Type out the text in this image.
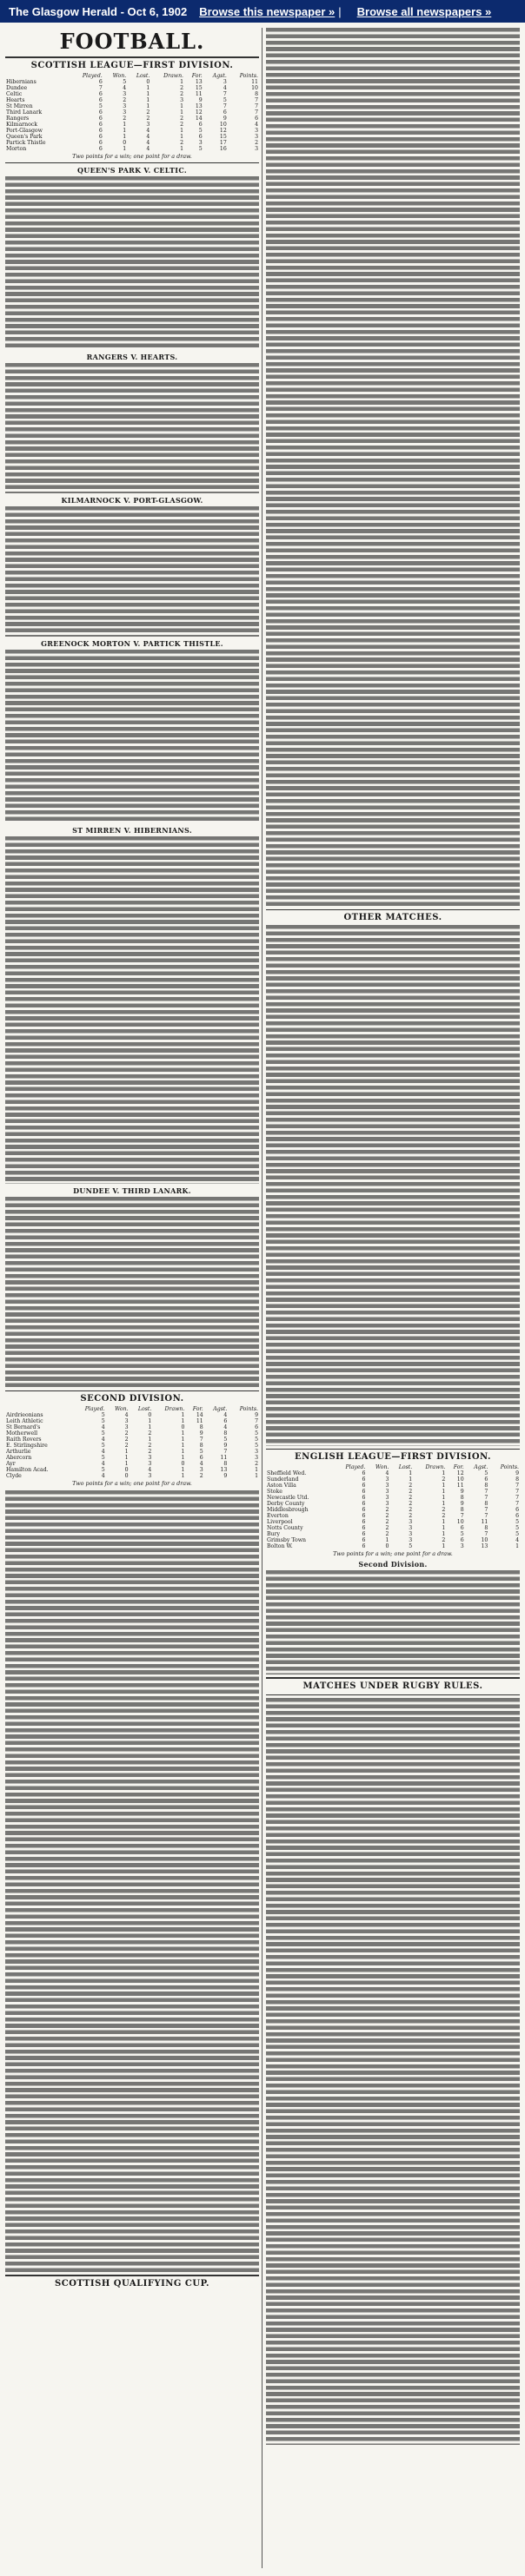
The Glasgow Herald - Oct 6, 1902 Browse this newspaper » | Browse all newspapers »
FOOTBALL.
SCOTTISH LEAGUE—FIRST DIVISION.
	Played.	Won.	Lost.	Drawn.	For.	Agst.	Points.
Hibernians	6	5	0	1	13	3	11
Dundee	7	4	1	2	15	4	10
Celtic	6	3	1	2	11	7	8
Hearts	6	2	1	3	9	5	7
St Mirren	5	3	1	1	13	7	7
Third Lanark	6	3	2	1	12	6	7
Rangers	6	2	2	2	14	9	6
Kilmarnock	6	1	3	2	6	10	4
Port-Glasgow	6	1	4	1	5	12	3
Queen's Park	6	1	4	1	6	15	3
Partick Thistle	6	0	4	2	3	17	2
Morton	6	1	4	1	5	16	3
Two points for a win; one point for a draw.
QUEEN'S PARK V. CELTIC.
RANGERS V. HEARTS.
KILMARNOCK V. PORT-GLASGOW.
GREENOCK MORTON V. PARTICK THISTLE.
ST MIRREN V. HIBERNIANS.
DUNDEE V. THIRD LANARK.
SECOND DIVISION.
	Played.	Won.	Lost.	Drawn.	For.	Agst.	Points.
Airdrieonians	5	4	0	1	14	4	9
Leith Athletic	5	3	1	1	11	6	7
St Bernard's	4	3	1	0	8	4	6
Motherwell	5	2	2	1	9	8	5
Raith Rovers	4	2	1	1	7	5	5
E. Stirlingshire	5	2	2	1	8	9	5
Arthurlie	4	1	2	1	5	7	3
Abercorn	5	1	3	1	6	11	3
Ayr	4	1	3	0	4	8	2
Hamilton Acad.	5	0	4	1	3	13	1
Clyde	4	0	3	1	2	9	1
Two points for a win; one point for a draw.
SCOTTISH QUALIFYING CUP.
OTHER MATCHES.
ENGLISH LEAGUE—FIRST DIVISION.
	Played.	Won.	Lost.	Drawn.	For.	Agst.	Points.
Sheffield Wed.	6	4	1	1	12	5	9
Sunderland	6	3	1	2	10	6	8
Aston Villa	6	3	2	1	11	8	7
Stoke	6	3	2	1	9	7	7
Newcastle Utd.	6	3	2	1	8	7	7
Derby County	6	3	2	1	9	8	7
Middlesbrough	6	2	2	2	8	7	6
Everton	6	2	2	2	7	7	6
Liverpool	6	2	3	1	10	11	5
Notts County	6	2	3	1	6	8	5
Bury	6	2	3	1	5	7	5
Grimsby Town	6	1	3	2	6	10	4
Bolton W.	6	0	5	1	3	13	1
Two points for a win; one point for a draw.
Second Division.
MATCHES UNDER RUGBY RULES.
